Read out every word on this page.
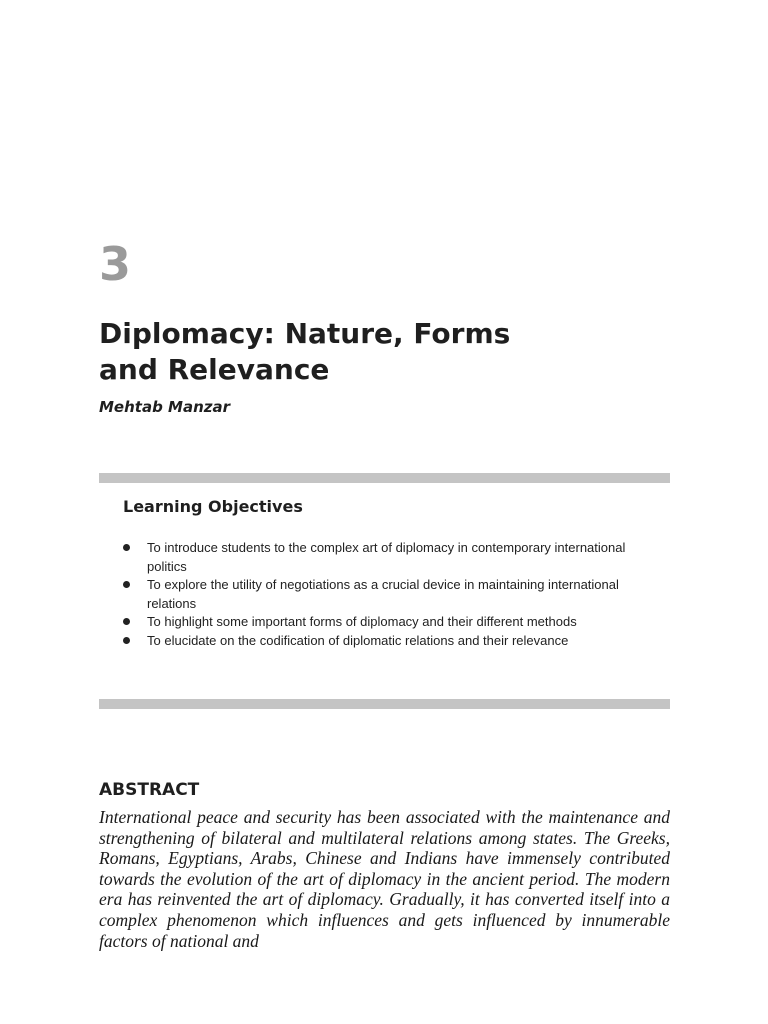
3
Diplomacy: Nature, Forms
and Relevance
Mehtab Manzar
Learning Objectives
To introduce students to the complex art of diplomacy in contemporary international politics
To explore the utility of negotiations as a crucial device in maintaining international relations
To highlight some important forms of diplomacy and their different methods
To elucidate on the codification of diplomatic relations and their relevance
ABSTRACT

International peace and security has been associated with the maintenance and strengthening of bilateral and multilateral relations among states. The Greeks, Romans, Egyptians, Arabs, Chinese and Indians have immensely contributed towards the evolution of the art of diplomacy in the ancient period. The modern era has reinvented the art of diplomacy. Gradually, it has converted itself into a complex phenomenon which influences and gets influenced by innumerable factors of national and
